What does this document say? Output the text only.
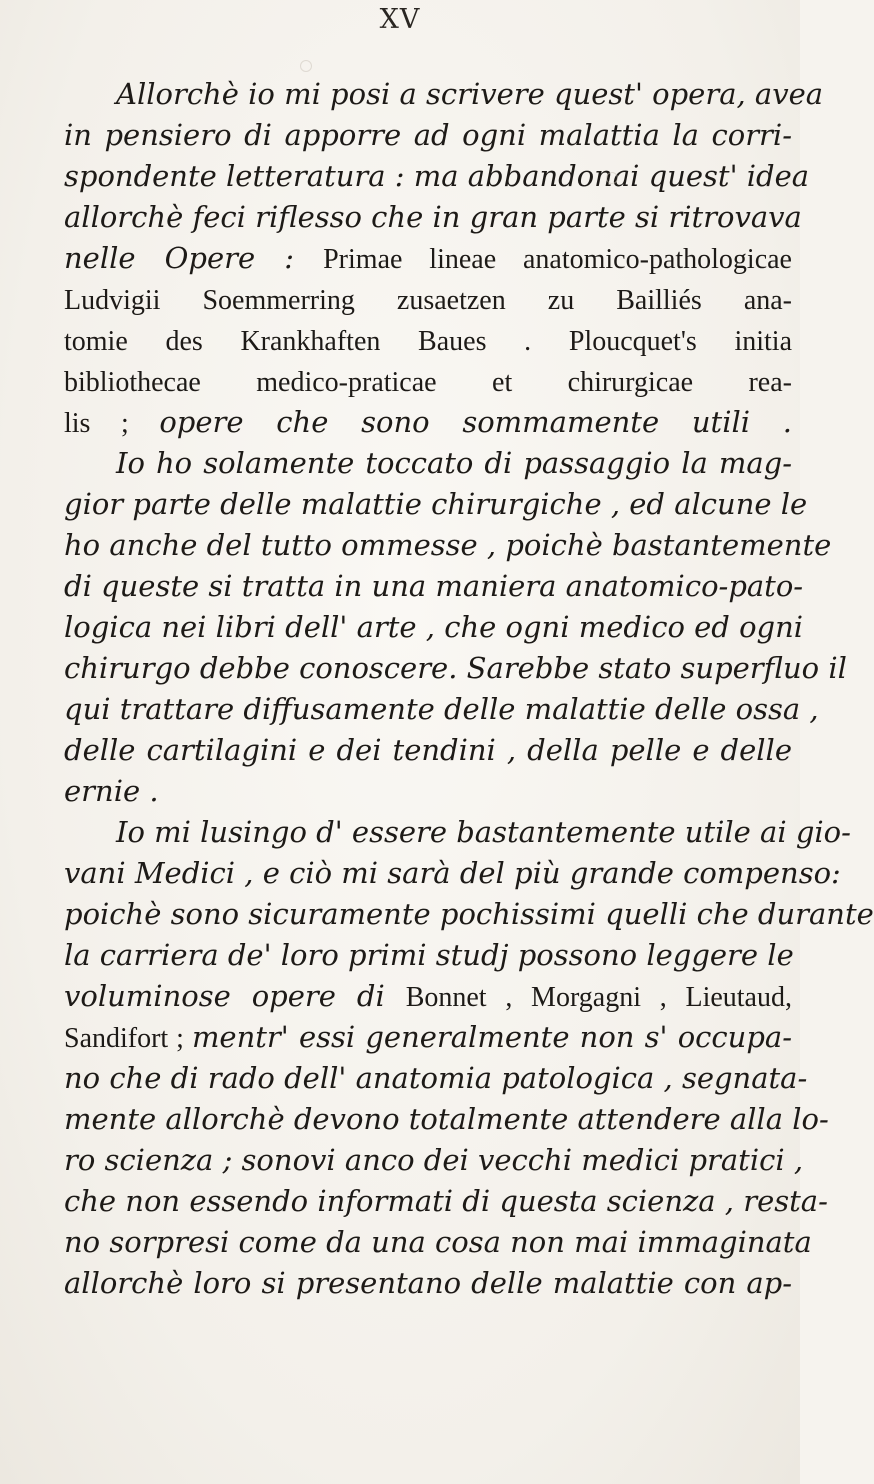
XV
Allorchè io mi posi a scrivere quest' opera, avea
in pensiero di apporre ad ogni malattia la corri-
spondente letteratura : ma abbandonai quest' idea
allorchè feci riflesso che in gran parte si ritrovava
nelle Opere : Primae lineae anatomico-pathologicae
Ludvigii Soemmerring zusaetzen zu Bailliés ana-
tomie des Krankhaften Baues . Ploucquet's initia
bibliothecae medico-praticae et chirurgicae rea-
lis ; opere che sono sommamente utili .
Io ho solamente toccato di passaggio la mag-
gior parte delle malattie chirurgiche , ed alcune le
ho anche del tutto ommesse , poichè bastantemente
di queste si tratta in una maniera anatomico-pato-
logica nei libri dell' arte , che ogni medico ed ogni
chirurgo debbe conoscere. Sarebbe stato superfluo il
qui trattare diffusamente delle malattie delle ossa ,
delle cartilagini e dei tendini , della pelle e delle
ernie .
Io mi lusingo d' essere bastantemente utile ai gio-
vani Medici , e ciò mi sarà del più grande compenso:
poichè sono sicuramente pochissimi quelli che durante
la carriera de' loro primi studj possono leggere le
voluminose opere di Bonnet , Morgagni , Lieutaud,
Sandifort ; mentr' essi generalmente non s' occupa-
no che di rado dell' anatomia patologica , segnata-
mente allorchè devono totalmente attendere alla lo-
ro scienza ; sonovi anco dei vecchi medici pratici ,
che non essendo informati di questa scienza , resta-
no sorpresi come da una cosa non mai immaginata
allorchè loro si presentano delle malattie con ap-
